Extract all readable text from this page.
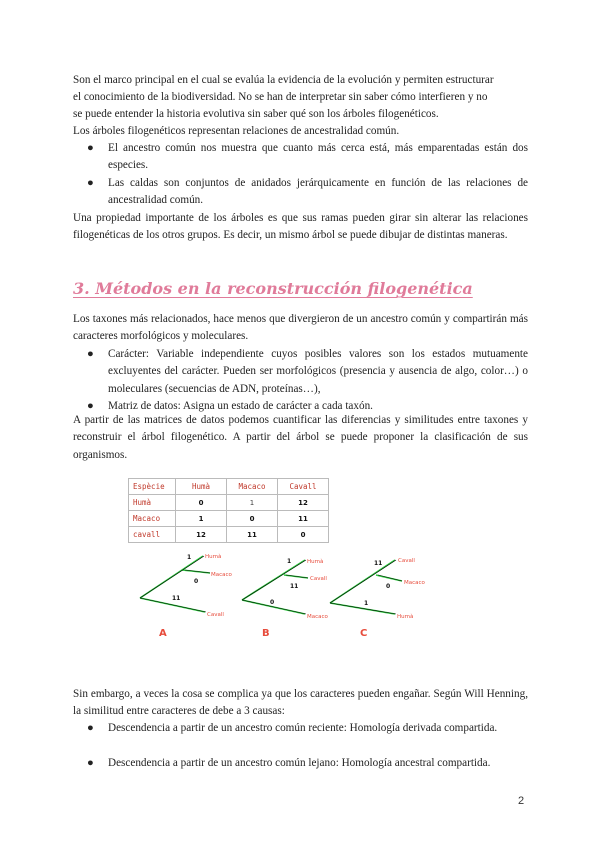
Son el marco principal en el cual se evalúa la evidencia de la evolución y permiten estructurar

el conocimiento de la biodiversidad. No se han de interpretar sin saber cómo interfieren y no

se puede entender la historia evolutiva sin saber qué son los árboles filogenéticos.

Los árboles filogenéticos representan relaciones de ancestralidad común.

● El ancestro común nos muestra que cuanto más cerca está, más emparentadas están dos especies.
● Las caldas son conjuntos de anidados jerárquicamente en función de las relaciones de ancestralidad común.

Una propiedad importante de los árboles es que sus ramas pueden girar sin alterar las relaciones filogenéticas de los otros grupos. Es decir, un mismo árbol se puede dibujar de distintas maneras.

3. Métodos en la reconstrucción filogenética

Los taxones más relacionados, hace menos que divergieron de un ancestro común y compartirán más caracteres morfológicos y moleculares.

● Carácter: Variable independiente cuyos posibles valores son los estados mutuamente excluyentes del carácter. Pueden ser morfológicos (presencia y ausencia de algo, color…) o moleculares (secuencias de ADN, proteínas…),
● Matriz de datos: Asigna un estado de carácter a cada taxón.

A partir de las matrices de datos podemos cuantificar las diferencias y similitudes entre taxones y reconstruir el árbol filogenético. A partir del árbol se puede proponer la clasificación de sus organismos.

Espècie	Humà	Macaco	Cavall
Humà	0	1	12
Macaco	1	0	11
cavall	12	11	0
1
0
11
Humà
Macaco
Cavall
A
1
11
0
Humà
Cavall
Macaco
B
11
0
1
Cavall
Macaco
Humà
C

Sin embargo, a veces la cosa se complica ya que los caracteres pueden engañar. Según Will Henning, la similitud entre caracteres de debe a 3 causas:

● Descendencia a partir de un ancestro común reciente: Homología derivada compartida.
● Descendencia a partir de un ancestro común lejano: Homología ancestral compartida.
2
